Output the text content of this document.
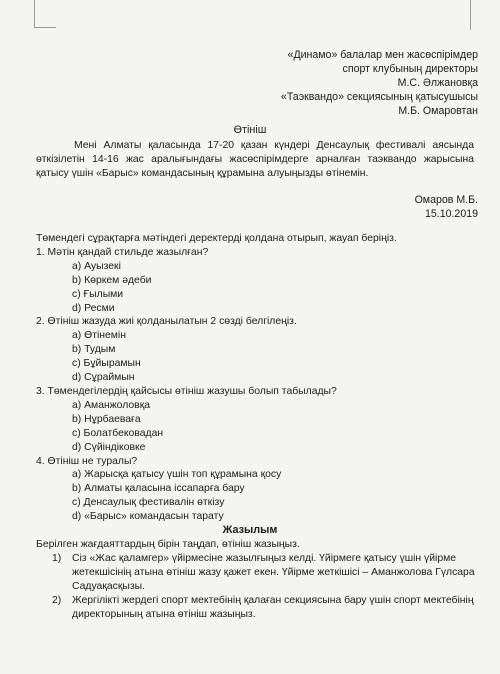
«Динамо» балалар мен жасөспірімдер
спорт клубының директоры
М.С. Әлжановқа
«Таэквандо» секциясының қатысушысы
М.Б. Омаровтан
Өтініш
Мені Алматы қаласында 17-20 қазан күндері Денсаулық фестивалі аясында өткізілетін 14-16 жас аралығындағы жасөспірімдерге арналған таэквандо жарысына қатысу үшін «Барыс» командасының құрамына алуыңызды өтінемін.
Омаров М.Б.
15.10.2019
Төмендегі сұрақтарға мәтіндегі деректерді қолдана отырып, жауап беріңіз.
1. Мәтін қандай стильде жазылған?
a) Ауызекі
b) Көркем әдеби
c) Ғылыми
d) Ресми
2. Өтініш жазуда жиі қолданылатын 2 сөзді белгілеңіз.
a) Өтінемін
b) Тудым
c) Бұйырамын
d) Сұраймын
3. Төмендегілердің қайсысы өтініш жазушы болып табылады?
a) Аманжоловқа
b) Нұрбаеваға
c) Болатбековадан
d) Сүйіндіковке
4. Өтініш не туралы?
a) Жарысқа қатысу үшін топ құрамына қосу
b) Алматы қаласына іссапарға бару
c) Денсаулық фестивалін өткізу
d) «Барыс» командасын тарату
Жазылым
Берілген жағдаяттардың бірін таңдап, өтініш жазыңыз.
1)	Сіз «Жас қаламгер» үйірмесіне жазылғыңыз келді. Үйірмеге қатысу үшін үйірме жетекшісінің атына өтініш жазу қажет екен. Үйірме жеткішісі – Аманжолова Гүлсара Садуақасқызы.
2)	Жергілікті жердегі спорт мектебінің қалаған секциясына бару үшін спорт мектебінің директорының атына өтініш жазыңыз.
